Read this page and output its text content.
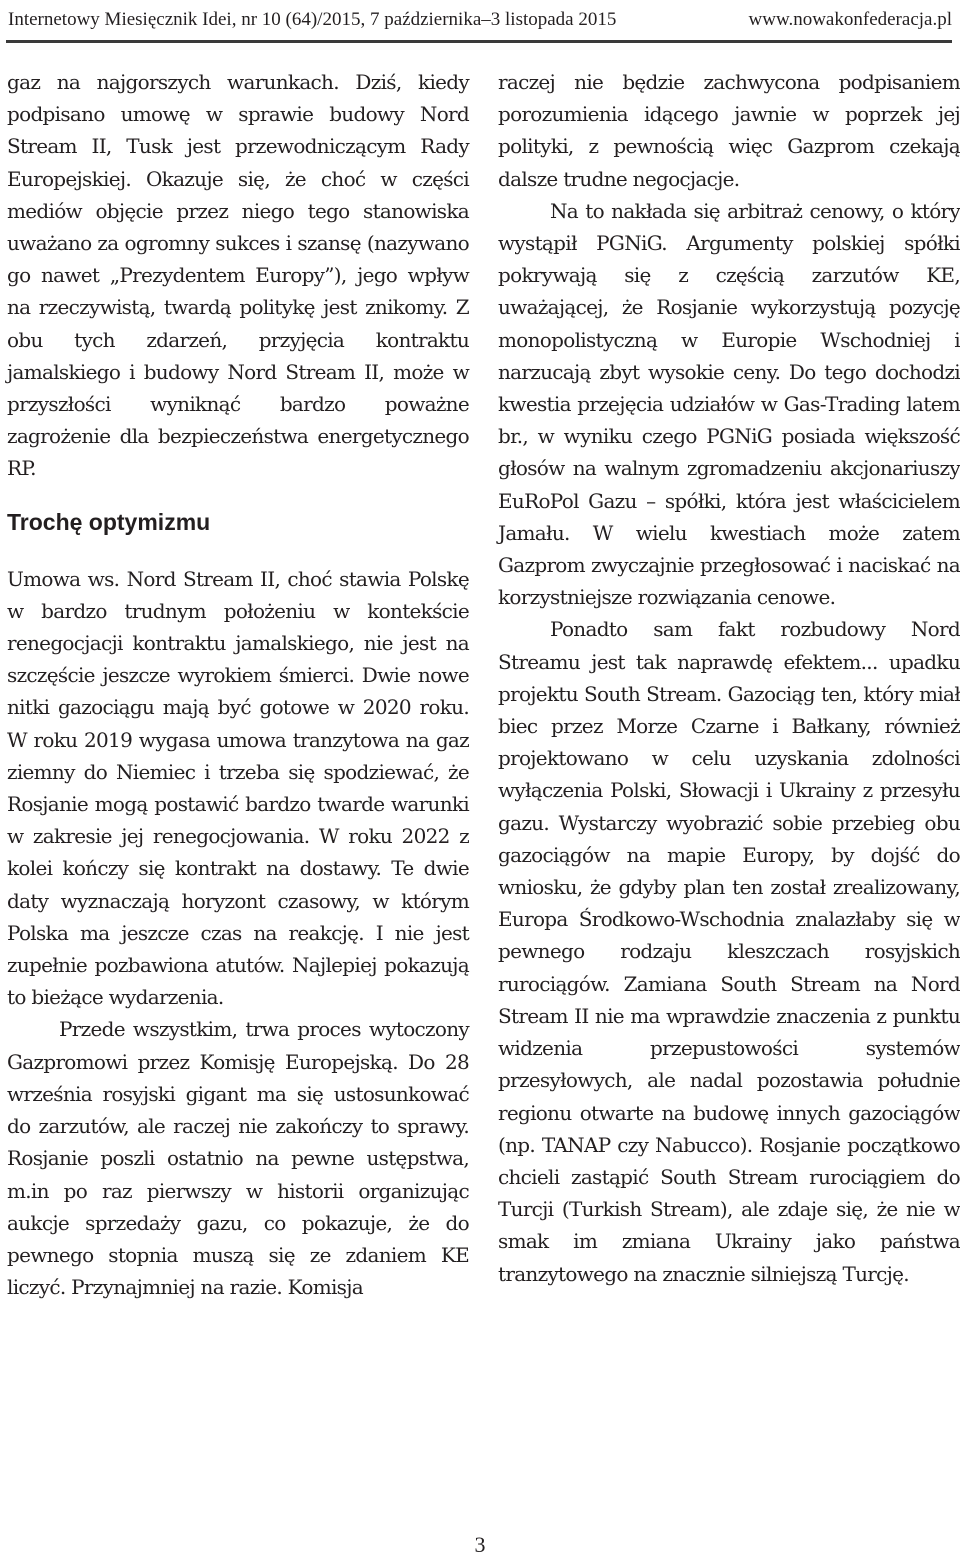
Internetowy Miesięcznik Idei, nr 10 (64)/2015, 7 października–3 listopada 2015	www.nowakonfederacja.pl

gaz na najgorszych warunkach. Dziś, kiedy podpisano umowę w sprawie budowy Nord Stream II, Tusk jest przewodniczącym Rady Europejskiej. Okazuje się, że choć w części mediów objęcie przez niego tego stanowiska uważano za ogromny sukces i szansę (nazywano go nawet „Prezydentem Europy”), jego wpływ na rzeczywistą, twardą politykę jest znikomy. Z obu tych zdarzeń, przyjęcia kontraktu jamalskiego i budowy Nord Stream II, może w przyszłości wyniknąć bardzo poważne zagrożenie dla bezpieczeństwa energetycznego RP.

Trochę optymizmu

Umowa ws. Nord Stream II, choć stawia Polskę w bardzo trudnym położeniu w kontekście renegocjacji kontraktu jamalskiego, nie jest na szczęście jeszcze wyrokiem śmierci. Dwie nowe nitki gazociągu mają być gotowe w 2020 roku. W roku 2019 wygasa umowa tranzytowa na gaz ziemny do Niemiec i trzeba się spodziewać, że Rosjanie mogą postawić bardzo twarde warunki w zakresie jej renegocjowania. W roku 2022 z kolei kończy się kontrakt na dostawy. Te dwie daty wyznaczają horyzont czasowy, w którym Polska ma jeszcze czas na reakcję. I nie jest zupełnie pozbawiona atutów. Najlepiej pokazują to bieżące wydarzenia.

Przede wszystkim, trwa proces wytoczony Gazpromowi przez Komisję Europejską. Do 28 września rosyjski gigant ma się ustosunkować do zarzutów, ale raczej nie zakończy to sprawy. Rosjanie poszli ostatnio na pewne ustępstwa, m.in po raz pierwszy w historii organizując aukcje sprzedaży gazu, co pokazuje, że do pewnego stopnia muszą się ze zdaniem KE liczyć. Przynajmniej na razie. Komisja

raczej nie będzie zachwycona podpisaniem porozumienia idącego jawnie w poprzek jej polityki, z pewnością więc Gazprom czekają dalsze trudne negocjacje.

Na to nakłada się arbitraż cenowy, o który wystąpił PGNiG. Argumenty polskiej spółki pokrywają się z częścią zarzutów KE, uważającej, że Rosjanie wykorzystują pozycję monopolistyczną w Europie Wschodniej i narzucają zbyt wysokie ceny. Do tego dochodzi kwestia przejęcia udziałów w Gas-Trading latem br., w wyniku czego PGNiG posiada większość głosów na walnym zgromadzeniu akcjonariuszy EuRoPol Gazu – spółki, która jest właścicielem Jamału. W wielu kwestiach może zatem Gazprom zwyczajnie przegłosować i naciskać na korzystniejsze rozwiązania cenowe.

Ponadto sam fakt rozbudowy Nord Streamu jest tak naprawdę efektem... upadku projektu South Stream. Gazociąg ten, który miał biec przez Morze Czarne i Bałkany, również projektowano w celu uzyskania zdolności wyłączenia Polski, Słowacji i Ukrainy z przesyłu gazu. Wystarczy wyobrazić sobie przebieg obu gazociągów na mapie Europy, by dojść do wniosku, że gdyby plan ten został zrealizowany, Europa Środkowo-Wschodnia znalazłaby się w pewnego rodzaju kleszczach rosyjskich rurociągów. Zamiana South Stream na Nord Stream II nie ma wprawdzie znaczenia z punktu widzenia przepustowości systemów przesyłowych, ale nadal pozostawia południe regionu otwarte na budowę innych gazociągów (np. TANAP czy Nabucco). Rosjanie początkowo chcieli zastąpić South Stream rurociągiem do Turcji (Turkish Stream), ale zdaje się, że nie w smak im zmiana Ukrainy jako państwa tranzytowego na znacznie silniejszą Turcję.

3
